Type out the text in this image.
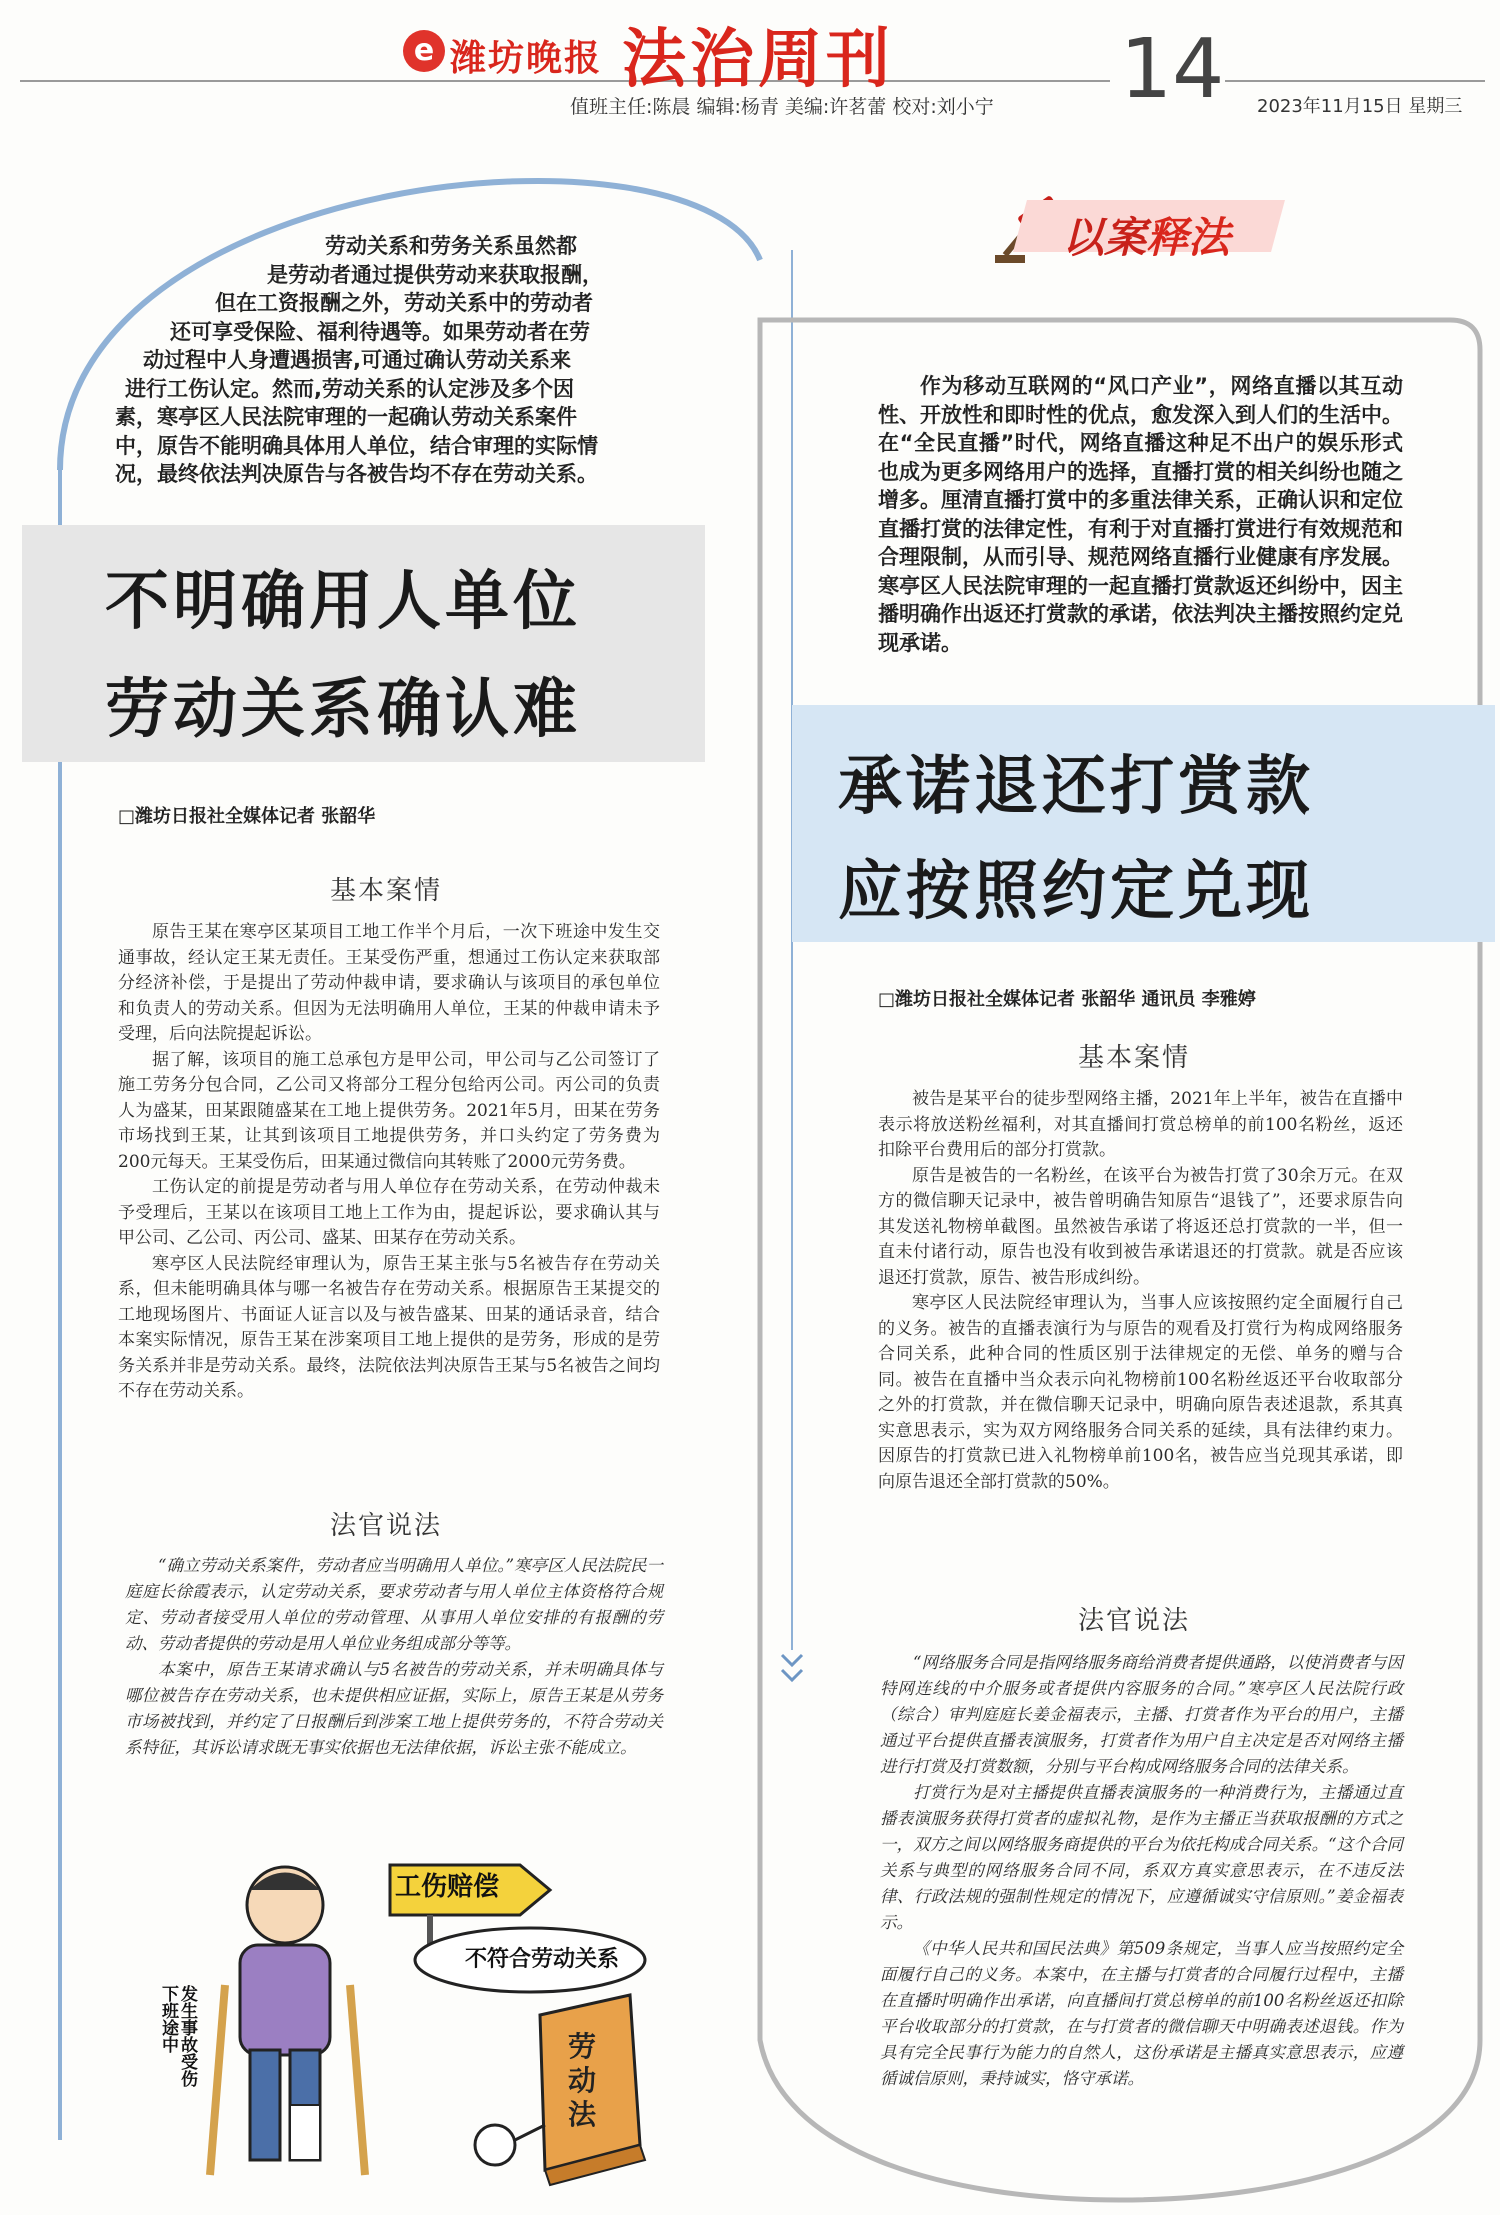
e 潍坊晚报 法治周刊
值班主任:陈晨 编辑:杨青 美编:许茗蕾 校对:刘小宁 14 2023年11月15日 星期三
劳动关系和劳务关系虽然都
是劳动者通过提供劳动来获取报酬，
但在工资报酬之外，劳动关系中的劳动者
还可享受保险、福利待遇等。如果劳动者在劳
动过程中人身遭遇损害,可通过确认劳动关系来
进行工伤认定。然而,劳动关系的认定涉及多个因
素，寒亭区人民法院审理的一起确认劳动关系案件
中，原告不能明确具体用人单位，结合审理的实际情
况，最终依法判决原告与各被告均不存在劳动关系。
不明确用人单位
劳动关系确认难
□潍坊日报社全媒体记者 张韶华
基本案情

原告王某在寒亭区某项目工地工作半个月后，一次下班途中发生交通事故，经认定王某无责任。王某受伤严重，想通过工伤认定来获取部分经济补偿，于是提出了劳动仲裁申请，要求确认与该项目的承包单位和负责人的劳动关系。但因为无法明确用人单位，王某的仲裁申请未予受理，后向法院提起诉讼。

据了解，该项目的施工总承包方是甲公司，甲公司与乙公司签订了施工劳务分包合同，乙公司又将部分工程分包给丙公司。丙公司的负责人为盛某，田某跟随盛某在工地上提供劳务。2021年5月，田某在劳务市场找到王某，让其到该项目工地提供劳务，并口头约定了劳务费为200元每天。王某受伤后，田某通过微信向其转账了2000元劳务费。

工伤认定的前提是劳动者与用人单位存在劳动关系，在劳动仲裁未予受理后，王某以在该项目工地上工作为由，提起诉讼，要求确认其与甲公司、乙公司、丙公司、盛某、田某存在劳动关系。

寒亭区人民法院经审理认为，原告王某主张与5名被告存在劳动关系，但未能明确具体与哪一名被告存在劳动关系。根据原告王某提交的工地现场图片、书面证人证言以及与被告盛某、田某的通话录音，结合本案实际情况，原告王某在涉案项目工地上提供的是劳务，形成的是劳务关系并非是劳动关系。最终，法院依法判决原告王某与5名被告之间均不存在劳动关系。

法官说法

“确立劳动关系案件，劳动者应当明确用人单位。”寒亭区人民法院民一庭庭长徐霞表示，认定劳动关系，要求劳动者与用人单位主体资格符合规定、劳动者接受用人单位的劳动管理、从事用人单位安排的有报酬的劳动、劳动者提供的劳动是用人单位业务组成部分等等。

本案中，原告王某请求确认与5名被告的劳动关系，并未明确具体与哪位被告存在劳动关系，也未提供相应证据，实际上，原告王某是从劳务市场被找到，并约定了日报酬后到涉案工地上提供劳务的，不符合劳动关系特征，其诉讼请求既无事实依据也无法律依据，诉讼主张不能成立。

工伤赔偿
不符合劳动关系
劳动法
下班途中 发生事故受伤
以案释法
作为移动互联网的“风口产业”，网络直播以其互动性、开放性和即时性的优点，愈发深入到人们的生活中。在“全民直播”时代，网络直播这种足不出户的娱乐形式也成为更多网络用户的选择，直播打赏的相关纠纷也随之增多。厘清直播打赏中的多重法律关系，正确认识和定位直播打赏的法律定性，有利于对直播打赏进行有效规范和合理限制，从而引导、规范网络直播行业健康有序发展。寒亭区人民法院审理的一起直播打赏款返还纠纷中，因主播明确作出返还打赏款的承诺，依法判决主播按照约定兑现承诺。
承诺退还打赏款
应按照约定兑现
□潍坊日报社全媒体记者 张韶华 通讯员 李雅婷
基本案情

被告是某平台的徒步型网络主播，2021年上半年，被告在直播中表示将放送粉丝福利，对其直播间打赏总榜单的前100名粉丝，返还扣除平台费用后的部分打赏款。

原告是被告的一名粉丝，在该平台为被告打赏了30余万元。在双方的微信聊天记录中，被告曾明确告知原告“退钱了”，还要求原告向其发送礼物榜单截图。虽然被告承诺了将返还总打赏款的一半，但一直未付诸行动，原告也没有收到被告承诺退还的打赏款。就是否应该退还打赏款，原告、被告形成纠纷。

寒亭区人民法院经审理认为，当事人应该按照约定全面履行自己的义务。被告的直播表演行为与原告的观看及打赏行为构成网络服务合同关系，此种合同的性质区别于法律规定的无偿、单务的赠与合同。被告在直播中当众表示向礼物榜前100名粉丝返还平台收取部分之外的打赏款，并在微信聊天记录中，明确向原告表述退款，系其真实意思表示，实为双方网络服务合同关系的延续，具有法律约束力。因原告的打赏款已进入礼物榜单前100名，被告应当兑现其承诺，即向原告退还全部打赏款的50%。

法官说法

“网络服务合同是指网络服务商给消费者提供通路，以使消费者与因特网连线的中介服务或者提供内容服务的合同。”寒亭区人民法院行政（综合）审判庭庭长姜金福表示，主播、打赏者作为平台的用户，主播通过平台提供直播表演服务，打赏者作为用户自主决定是否对网络主播进行打赏及打赏数额，分别与平台构成网络服务合同的法律关系。

打赏行为是对主播提供直播表演服务的一种消费行为，主播通过直播表演服务获得打赏者的虚拟礼物，是作为主播正当获取报酬的方式之一，双方之间以网络服务商提供的平台为依托构成合同关系。“这个合同关系与典型的网络服务合同不同，系双方真实意思表示，在不违反法律、行政法规的强制性规定的情况下，应遵循诚实守信原则。”姜金福表示。

《中华人民共和国民法典》第509条规定，当事人应当按照约定全面履行自己的义务。本案中，在主播与打赏者的合同履行过程中，主播在直播时明确作出承诺，向直播间打赏总榜单的前100名粉丝返还扣除平台收取部分的打赏款，在与打赏者的微信聊天中明确表述退钱。作为具有完全民事行为能力的自然人，这份承诺是主播真实意思表示，应遵循诚信原则，秉持诚实，恪守承诺。
